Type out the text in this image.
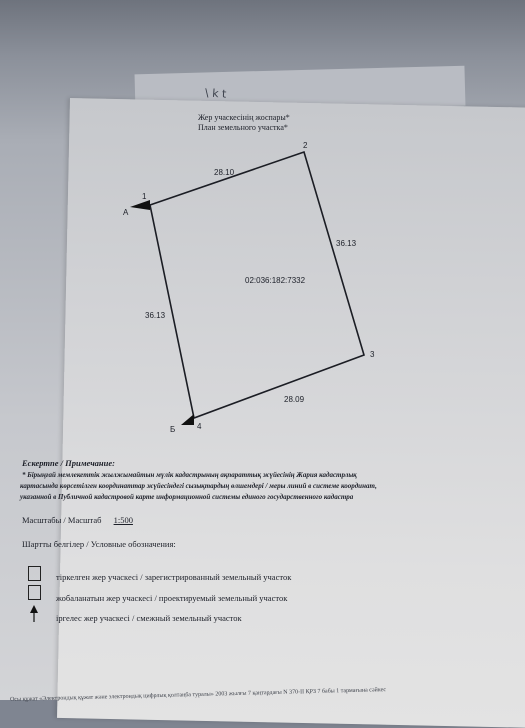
\ k t
Жер учаскесінің жоспары*
План земельного участка*
1
2
3
4
А
Б
28.10
36.13
28.09
36.13
02:036:182:7332
Ескертпе / Примечание:
* Бірыңғай мемлекеттік жылжымайтын мүлік кадастрының ақпараттық жүйесінің Жария кадастрлық
картасында көрсетілген координаттар жүйесіндегі сызықтардың өлшемдері / меры линий в системе координат,
указанной в Публичной кадастровой карте информационной системы единого государственного кадастра
Масштабы / Масштаб 1:500
Шартты белгілер / Условные обозначения:
тіркелген жер учаскесі / зарегистрированный земельный участок
жобаланатын жер учаскесі / проектируемый земельный участок
іргелес жер учаскесі / смежный земельный участок
Осы құжат «Электрондық құжат және электрондық цифрлық қолтаңба туралы» 2003 жылғы 7 қаңтардағы N 370-II ҚРЗ 7 бабы 1 тармағына сәйкес
